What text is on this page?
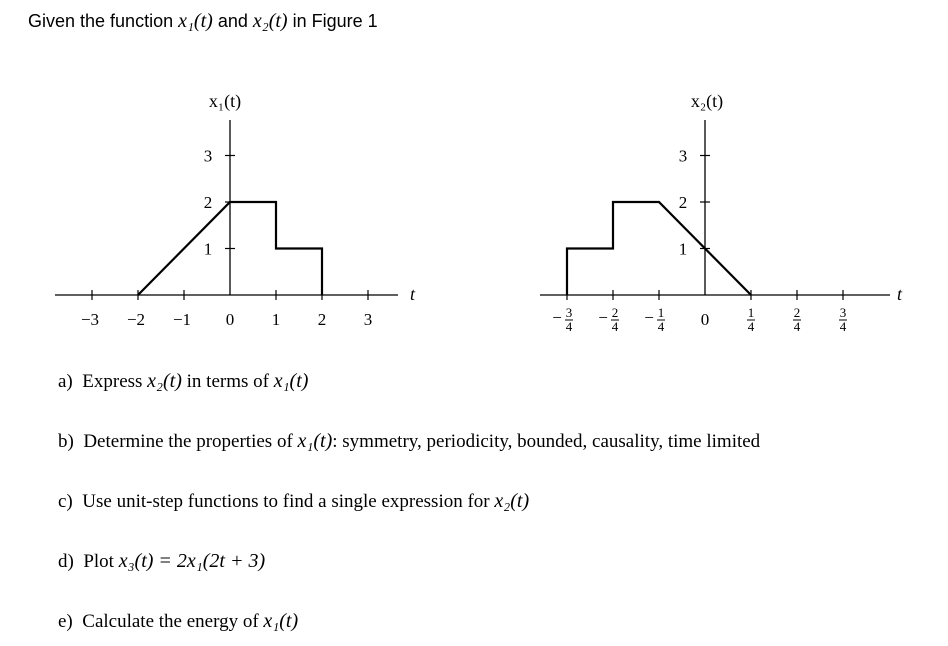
Given the function x₁(t) and x₂(t) in Figure 1
x₁(t)
t
−3 −2 −1 0 1 2 3
3
2
1
x₂(t)
t
− 3
4 − 2
4 − 1
4 0	1
4
2
4
3
4
3
2
1
a) Express x₂(t) in terms of x₁(t)
b) Determine the properties of x₁(t): symmetry, periodicity, bounded, causality, time limited
c) Use unit-step functions to find a single expression for x₂(t)
d) Plot x₃(t) = 2x₁(2t + 3)
e) Calculate the energy of x₁(t)
